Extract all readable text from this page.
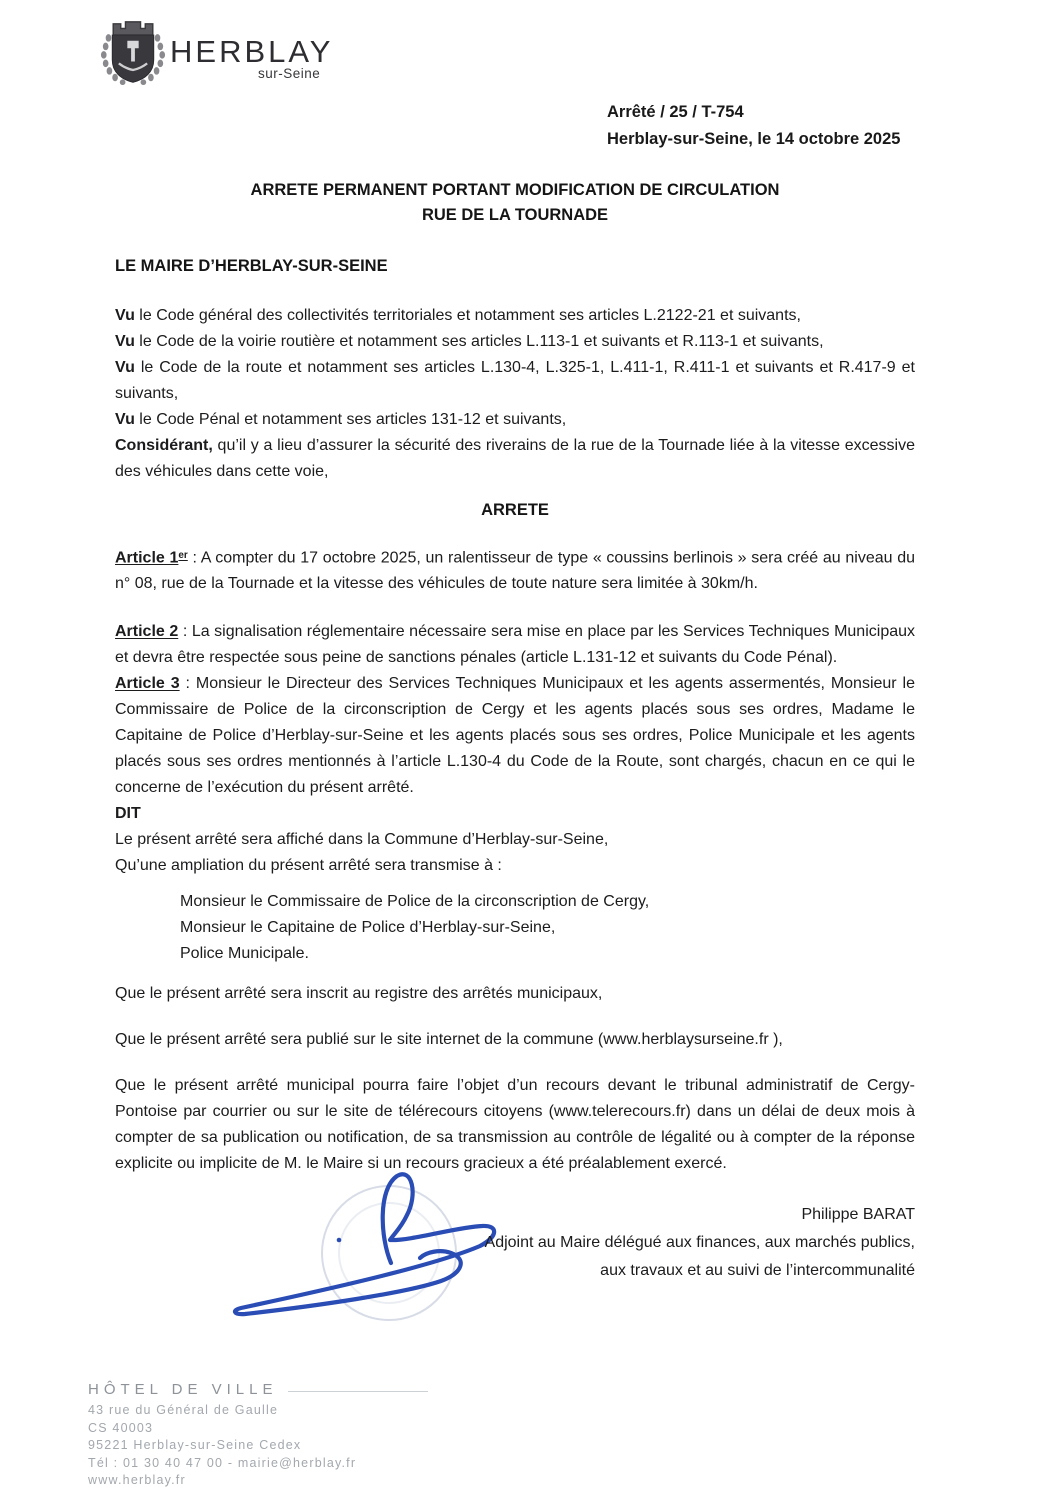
HERBLAY
sur-Seine
Arrêté / 25 / T-754
Herblay-sur-Seine, le 14 octobre 2025

ARRETE PERMANENT PORTANT MODIFICATION DE CIRCULATION

RUE DE LA TOURNADE

LE MAIRE D’HERBLAY-SUR-SEINE

Vu le Code général des collectivités territoriales et notamment ses articles L.2122-21 et suivants,

Vu le Code de la voirie routière et notamment ses articles L.113-1 et suivants et R.113-1 et suivants,

Vu le Code de la route et notamment ses articles L.130-4, L.325-1, L.411-1, R.411-1 et suivants et R.417-9 et suivants,

Vu le Code Pénal et notamment ses articles 131-12 et suivants,

Considérant, qu’il y a lieu d’assurer la sécurité des riverains de la rue de la Tournade liée à la vitesse excessive des véhicules dans cette voie,

ARRETE

Article 1er : A compter du 17 octobre 2025, un ralentisseur de type « coussins berlinois » sera créé au niveau du n° 08, rue de la Tournade et la vitesse des véhicules de toute nature sera limitée à 30km/h.

Article 2 : La signalisation réglementaire nécessaire sera mise en place par les Services Techniques Municipaux et devra être respectée sous peine de sanctions pénales (article L.131-12 et suivants du Code Pénal).

Article 3 : Monsieur le Directeur des Services Techniques Municipaux et les agents assermentés, Monsieur le Commissaire de Police de la circonscription de Cergy et les agents placés sous ses ordres, Madame le Capitaine de Police d’Herblay-sur-Seine et les agents placés sous ses ordres, Police Municipale et les agents placés sous ses ordres mentionnés à l’article L.130-4 du Code de la Route, sont chargés, chacun en ce qui le concerne de l’exécution du présent arrêté.

DIT

Le présent arrêté sera affiché dans la Commune d’Herblay-sur-Seine,

Qu’une ampliation du présent arrêté sera transmise à :

Monsieur le Commissaire de Police de la circonscription de Cergy,

Monsieur le Capitaine de Police d’Herblay-sur-Seine,

Police Municipale.

Que le présent arrêté sera inscrit au registre des arrêtés municipaux,

Que le présent arrêté sera publié sur le site internet de la commune (www.herblaysurseine.fr ),

Que le présent arrêté municipal pourra faire l’objet d’un recours devant le tribunal administratif de Cergy-Pontoise par courrier ou sur le site de télérecours citoyens (www.telerecours.fr) dans un délai de deux mois à compter de sa publication ou notification, de sa transmission au contrôle de légalité ou à compter de la réponse explicite ou implicite de M. le Maire si un recours gracieux a été préalablement exercé.

Philippe BARAT
Adjoint au Maire délégué aux finances, aux marchés publics,
aux travaux et au suivi de l’intercommunalité
HÔTEL DE VILLE
43 rue du Général de Gaulle
CS 40003
95221 Herblay-sur-Seine Cedex
Tél : 01 30 40 47 00 - mairie@herblay.fr
www.herblay.fr
